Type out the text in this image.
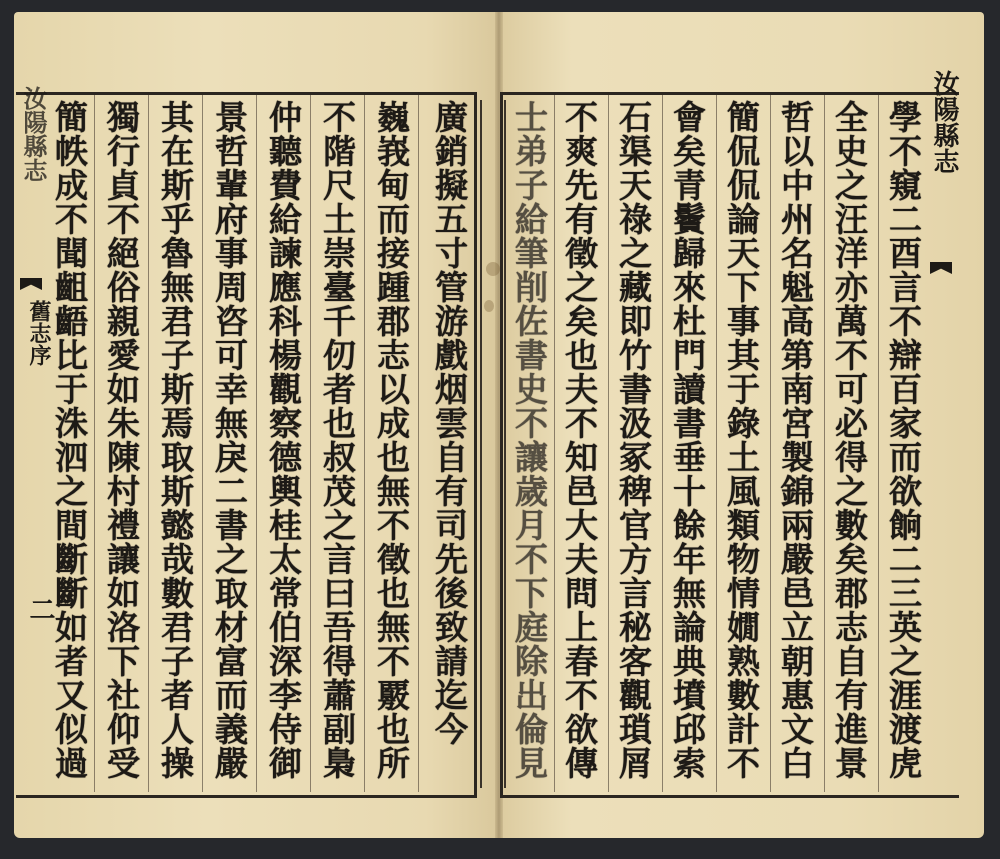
汝陽縣志
汝陽縣志
舊志序
二	學不窺二酉言不辯百家而欲餉二三英之涯渡虎
全史之汪洋亦萬不可必得之數矣郡志自有進景
哲以中州名魁高第南宮製錦兩嚴邑立朝惠文白
簡侃侃論天下事其于錄土風類物情嫺熟數計不
會矣青鬢歸來杜門讀書垂十餘年無論典墳邱索
石渠天祿之藏即竹書汲冢稗官方言秘客觀瑣屑
不爽先有徵之矣也夫不知邑大夫問上春不欲傳
士弟子給筆削佐書史不讓歲月不下庭除出倫見
廣銷擬五寸管游戲烟雲自有司先後致請迄今
巍峩甸而接踵郡志以成也無不徵也無不覈也所
不階尺土崇臺千仞者也叔茂之言曰吾得蕭副梟
仲聽費給諫應科楊觀察德輿桂太常伯深李侍御
景哲輩府事周咨可幸無戾二書之取材富而義嚴
其在斯乎魯無君子斯焉取斯懿哉數君子者人操
獨行貞不絕俗親愛如朱陳村禮讓如洛下社仰受
簡帙成不聞齟齬比于洙泗之間斷斷如者又似過
